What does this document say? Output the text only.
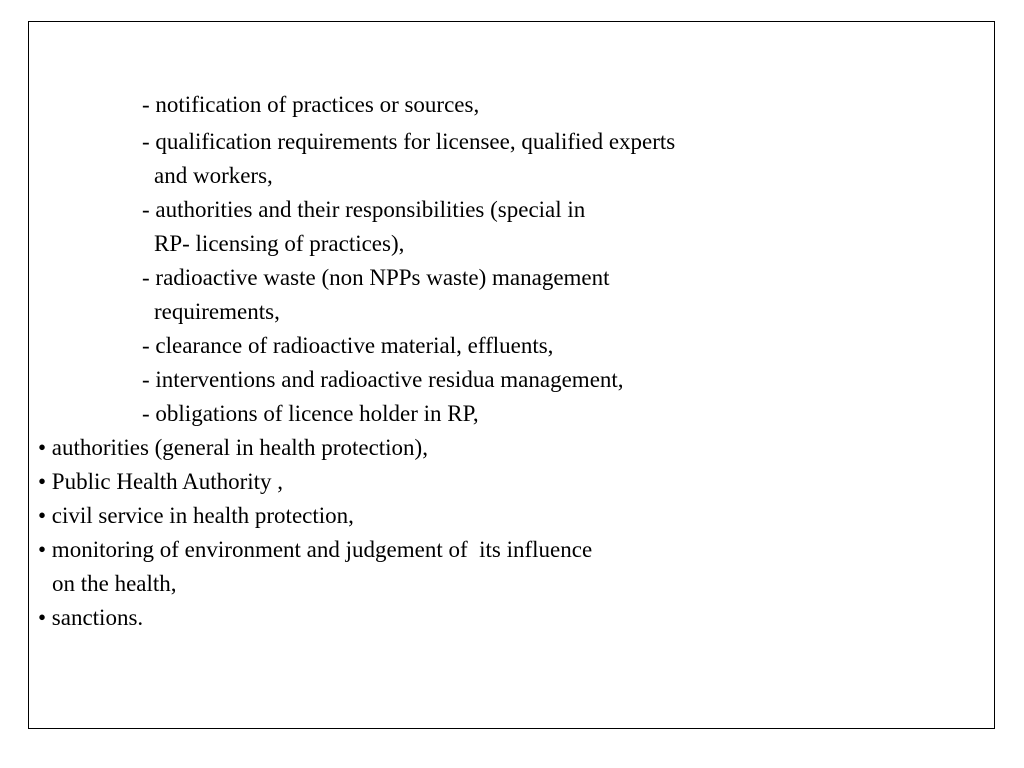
- notification of practices or sources,

- qualification requirements for licensee, qualified experts

and workers,

- authorities and their responsibilities (special in

RP- licensing of practices),

- radioactive waste (non NPPs waste) management

requirements,

- clearance of radioactive material, effluents,

- interventions and radioactive residua management,

- obligations of licence holder in RP,

• authorities (general in health protection),

• Public Health Authority ,

• civil service in health protection,

• monitoring of environment and judgement of  its influence

on the health,

• sanctions.
